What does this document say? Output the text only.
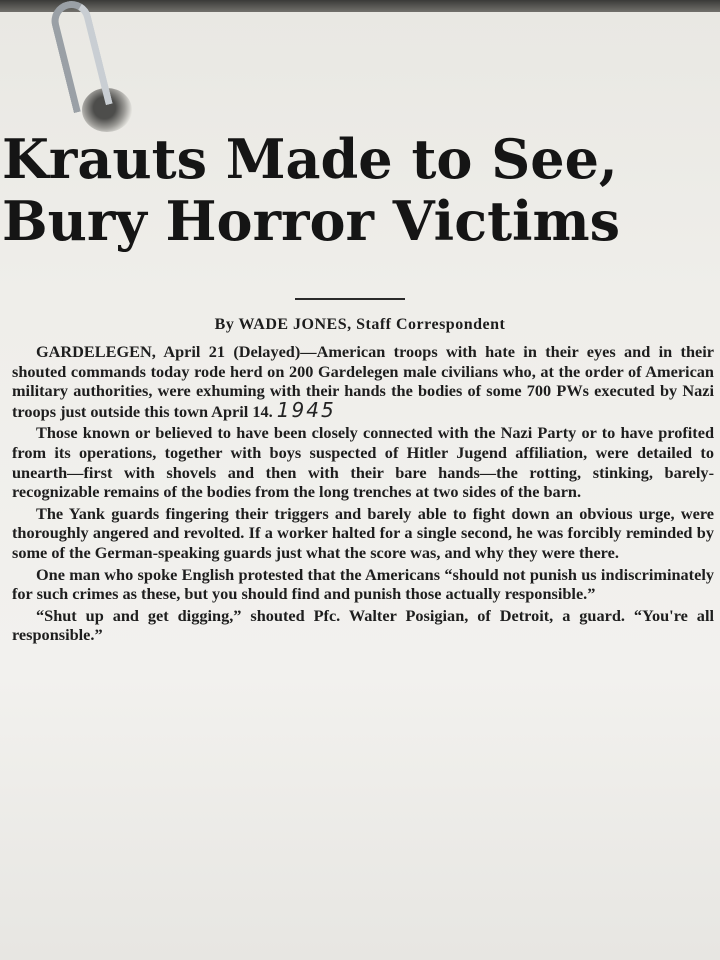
Krauts Made to See,
Bury Horror Victims
By WADE JONES, Staff Correspondent

GARDELEGEN, April 21 (Delayed)—American troops with hate in their eyes and in their shouted commands today rode herd on 200 Gardelegen male civilians who, at the order of American military authorities, were exhuming with their hands the bodies of some 700 PWs executed by Nazi troops just outside this town April 14. 1945

Those known or believed to have been closely connected with the Nazi Party or to have profited from its operations, together with boys suspected of Hitler Jugend affiliation, were detailed to unearth—first with shovels and then with their bare hands—the rotting, stinking, barely-recognizable remains of the bodies from the long trenches at two sides of the barn.

The Yank guards fingering their triggers and barely able to fight down an obvious urge, were thoroughly angered and revolted. If a worker halted for a single second, he was forcibly reminded by some of the German-speaking guards just what the score was, and why they were there.

One man who spoke English protested that the Americans “should not punish us indiscriminately for such crimes as these, but you should find and punish those actually responsible.”

“Shut up and get digging,” shouted Pfc. Walter Posigian, of Detroit, a guard. “You're all responsible.”
